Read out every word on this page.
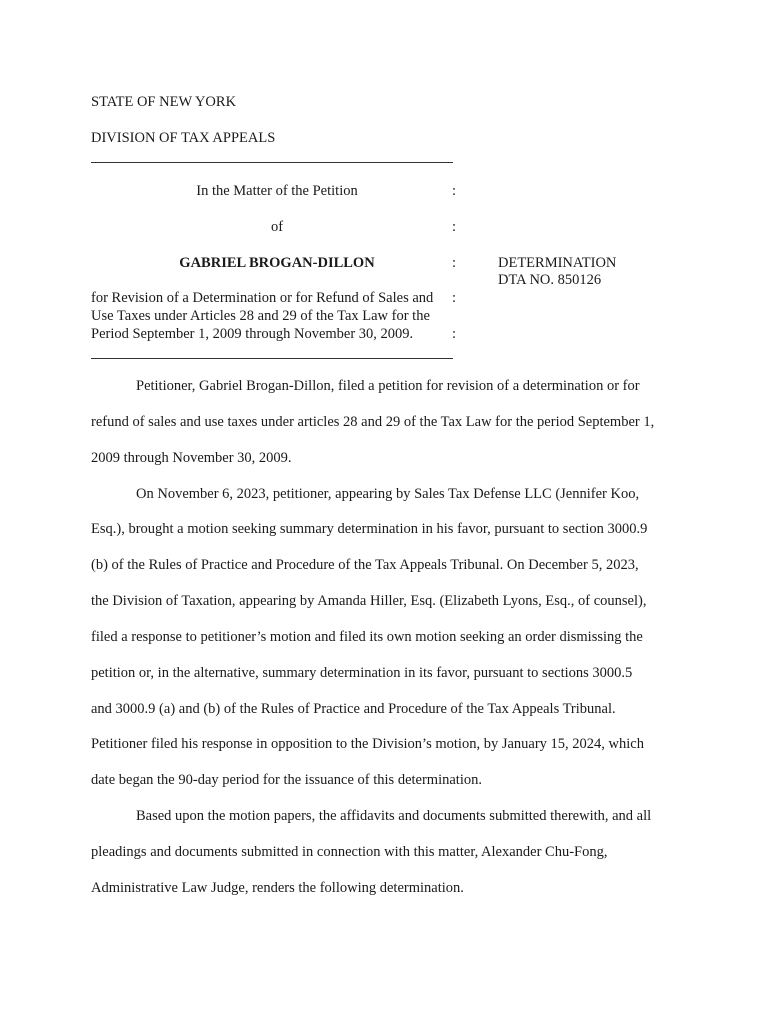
STATE OF NEW YORK
DIVISION OF TAX APPEALS
In the Matter of the Petition
of
GABRIEL BROGAN-DILLON
for Revision of a Determination or for Refund of Sales and
Use Taxes under Articles 28 and 29 of the Tax Law for the
Period September 1, 2009 through November 30, 2009.
:
:
:
:
:
DETERMINATION
DTA NO. 850126
Petitioner, Gabriel Brogan-Dillon, filed a petition for revision of a determination or for
refund of sales and use taxes under articles 28 and 29 of the Tax Law for the period September 1,
2009 through November 30, 2009.
On November 6, 2023, petitioner, appearing by Sales Tax Defense LLC (Jennifer Koo,
Esq.), brought a motion seeking summary determination in his favor, pursuant to section 3000.9
(b) of the Rules of Practice and Procedure of the Tax Appeals Tribunal. On December 5, 2023,
the Division of Taxation, appearing by Amanda Hiller, Esq. (Elizabeth Lyons, Esq., of counsel),
filed a response to petitioner’s motion and filed its own motion seeking an order dismissing the
petition or, in the alternative, summary determination in its favor, pursuant to sections 3000.5
and 3000.9 (a) and (b) of the Rules of Practice and Procedure of the Tax Appeals Tribunal.
Petitioner filed his response in opposition to the Division’s motion, by January 15, 2024, which
date began the 90-day period for the issuance of this determination.
Based upon the motion papers, the affidavits and documents submitted therewith, and all
pleadings and documents submitted in connection with this matter, Alexander Chu-Fong,
Administrative Law Judge, renders the following determination.
